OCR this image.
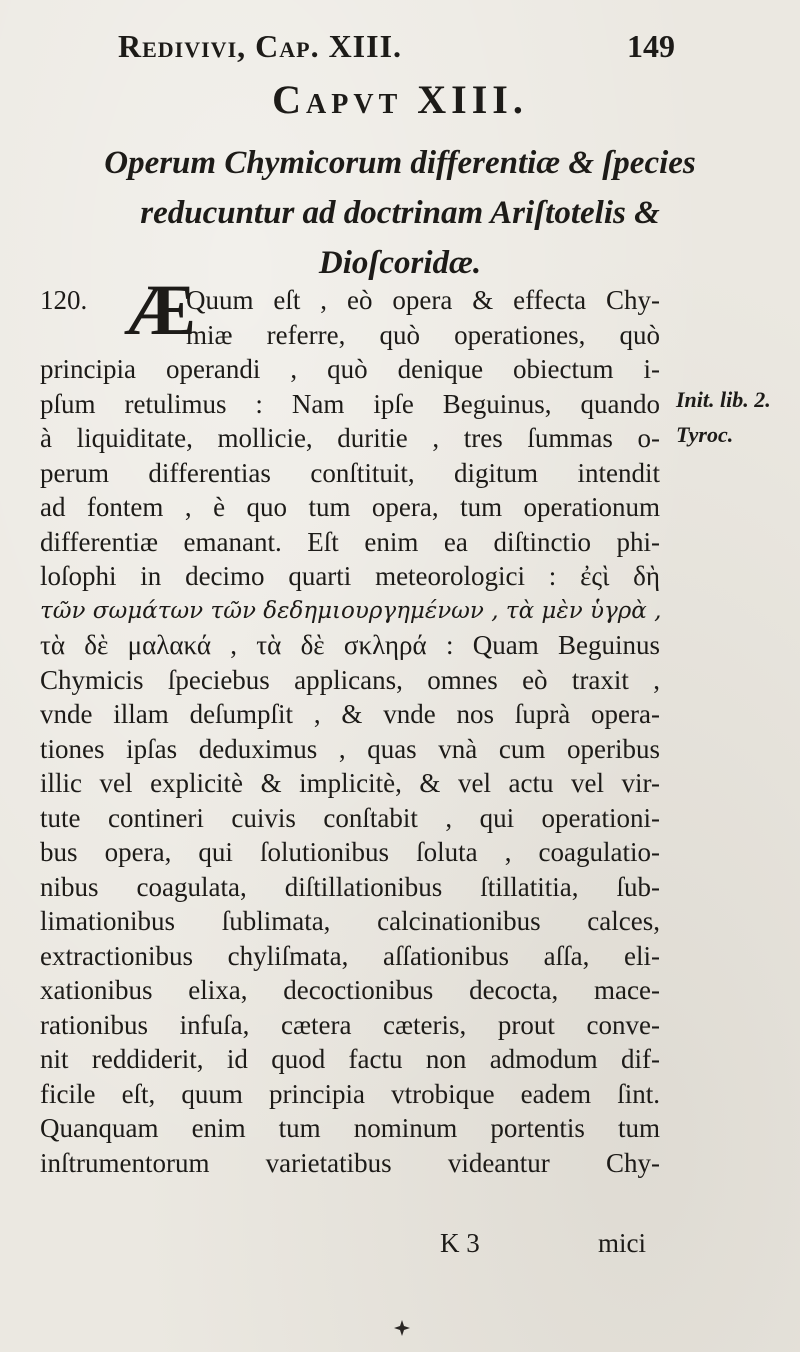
Redivivi, Cap. XIII.	149
Capvt XIII.
Operum Chymicorum differentiæ & ſpecies
reducuntur ad doctrinam Ariſtotelis &
Dioſcoridæ.
120. Æ
Quum eſt , eò opera & effecta Chy-
miæ referre, quò operationes, quò
principia operandi , quò denique obiectum i-
pſum retulimus : Nam ipſe Beguinus, quando
à liquiditate, mollicie, duritie , tres ſummas o-
perum differentias conſtituit, digitum intendit
ad fontem , è quo tum opera, tum operationum
differentiæ emanant. Eſt enim ea diſtinctio phi-
loſophi in decimo quarti meteorologici : ἐςὶ δὴ
τῶν σωμάτων τῶν δεδημιουργημένων , τὰ μὲν ὑγρὰ ,
τὰ δὲ μαλακά , τὰ δὲ σκληρά : Quam Beguinus
Chymicis ſpeciebus applicans, omnes eò traxit ,
vnde illam deſumpſit , & vnde nos ſuprà opera-
tiones ipſas deduximus , quas vnà cum operibus
illic vel explicitè & implicitè, & vel actu vel vir-
tute contineri cuivis conſtabit , qui operationi-
bus opera, qui ſolutionibus ſoluta , coagulatio-
nibus coagulata, diſtillationibus ſtillatitia, ſub-
limationibus ſublimata, calcinationibus calces,
extractionibus chyliſmata, aſſationibus aſſa, eli-
xationibus elixa, decoctionibus decocta, mace-
rationibus infuſa, cætera cæteris, prout conve-
nit reddiderit, id quod factu non admodum dif-
ficile eſt, quum principia vtrobique eadem ſint.
Quanquam enim tum nominum portentis tum
inſtrumentorum varietatibus videantur Chy-
Init. lib. 2.
Tyroc.
K 3	mici
